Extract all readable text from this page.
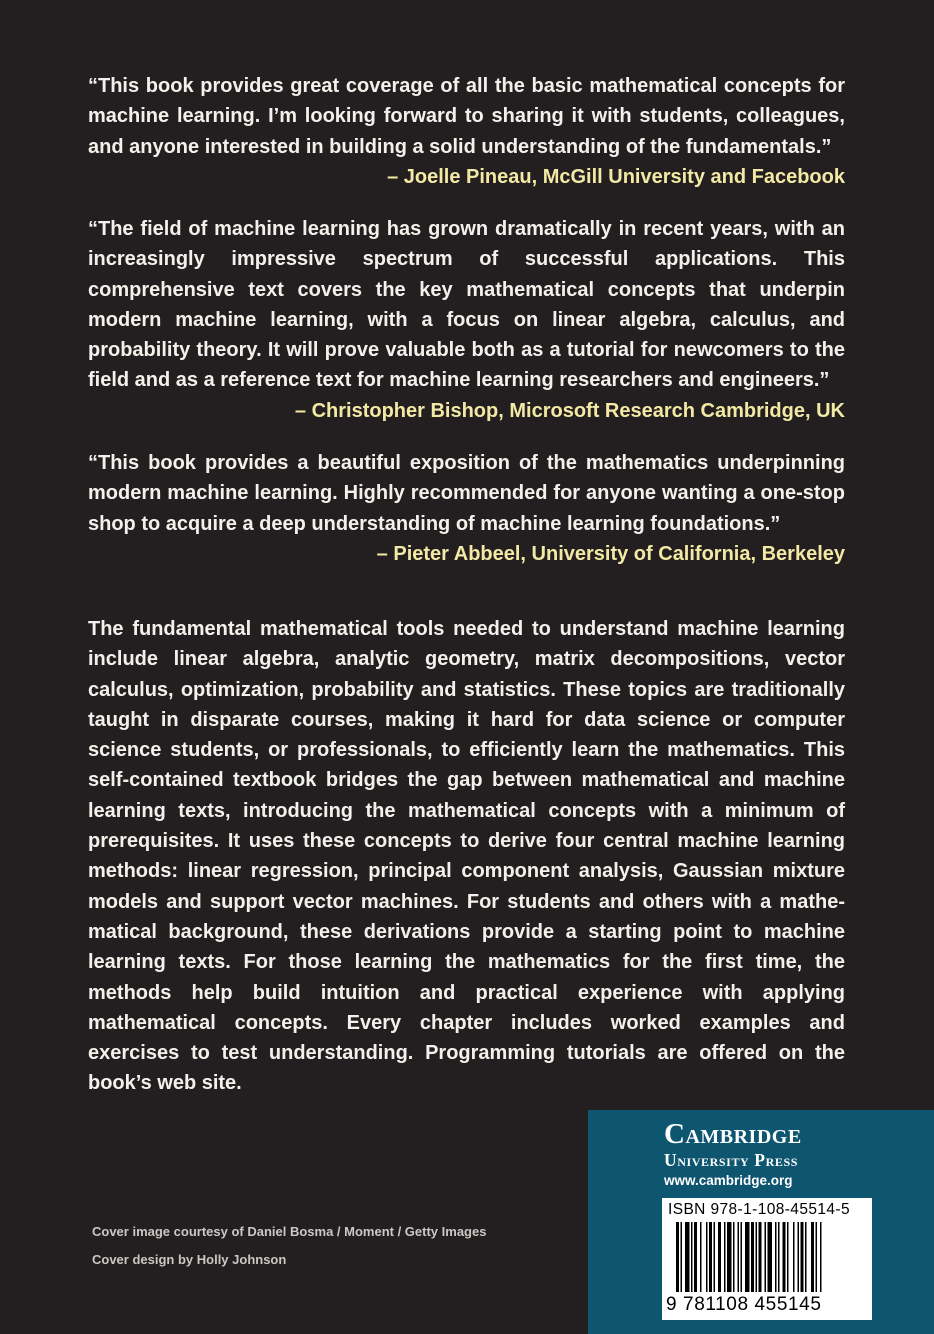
“This book provides great coverage of all the basic mathematical concepts for machine learning. I’m looking forward to sharing it with students, colleagues, and anyone interested in building a solid understanding of the fundamentals.”

– Joelle Pineau, McGill University and Facebook

“The field of machine learning has grown dramatically in recent years, with an increasingly impressive spectrum of successful applications. This comprehensive text covers the key mathematical concepts that underpin modern machine learning, with a focus on linear algebra, calculus, and probability theory. It will prove valuable both as a tutorial for newcomers to the field and as a reference text for machine learning researchers and engineers.”

– Christopher Bishop, Microsoft Research Cambridge, UK

“This book provides a beautiful exposition of the mathematics underpinning modern machine learning. Highly recommended for anyone wanting a one-stop shop to acquire a deep understanding of machine learning foundations.”

– Pieter Abbeel, University of California, Berkeley

The fundamental mathematical tools needed to understand machine learning include linear algebra, analytic geometry, matrix decompositions, vector calculus, optimization, probability and statistics. These topics are traditionally taught in disparate courses, making it hard for data science or computer science students, or professionals, to efficiently learn the mathematics. This self-contained textbook bridges the gap between mathematical and machine learning texts, introducing the mathematical concepts with a minimum of prerequisites. It uses these concepts to derive four central machine learning methods: linear regression, principal component analysis, Gaussian mixture models and support vector machines. For students and others with a mathematical background, these derivations provide a starting point to machine learning texts. For those learning the mathematics for the first time, the methods help build intuition and practical experience with applying mathematical concepts. Every chapter includes worked examples and exercises to test understanding. Programming tutorials are offered on the book’s web site.

Cover image courtesy of Daniel Bosma / Moment / Getty Images
Cover design by Holly Johnson
Cambridge
University Press
www.cambridge.org
ISBN 978-1-108-45514-5
9 781108 455145
